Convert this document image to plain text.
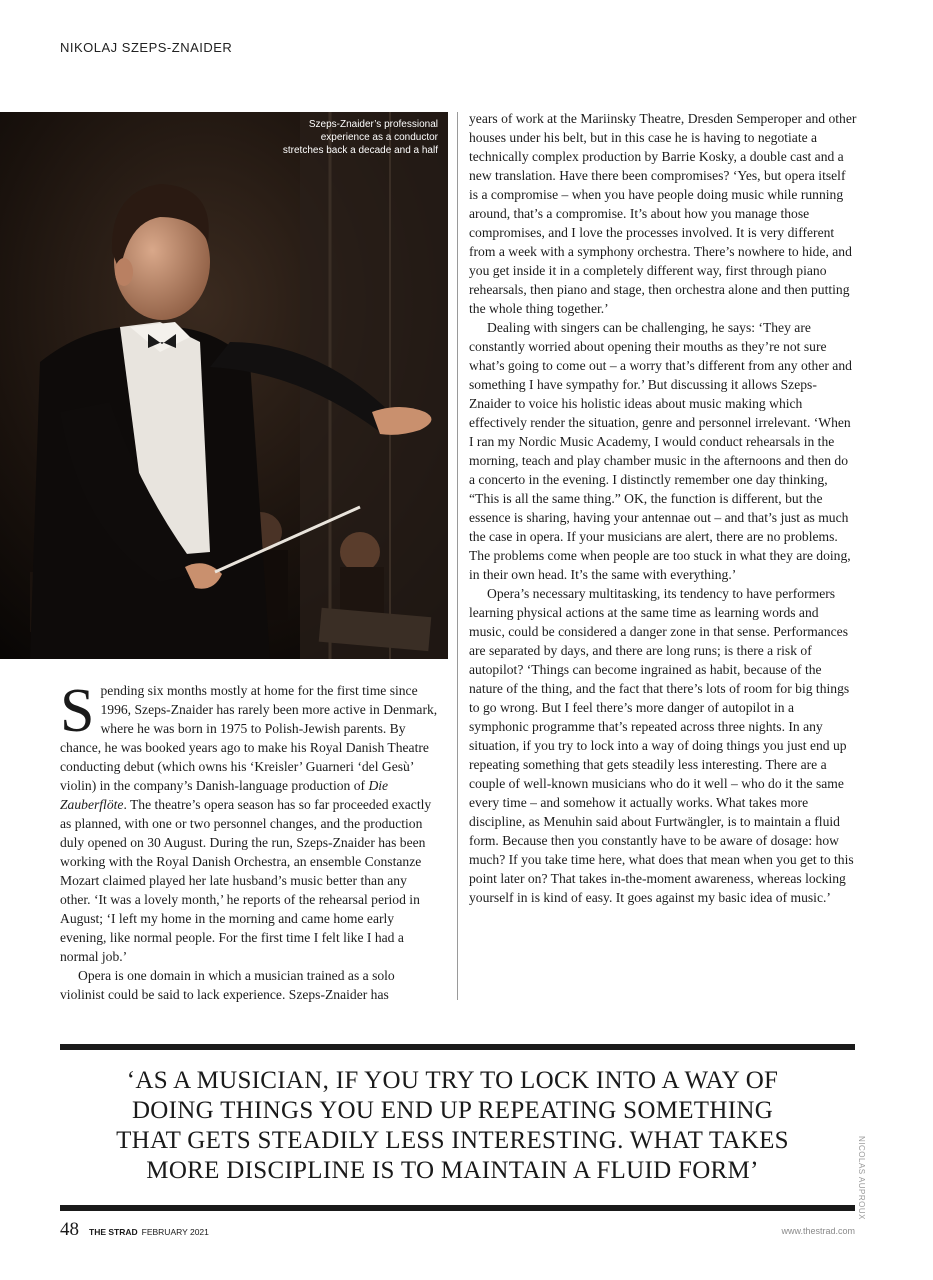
NIKOLAJ SZEPS-ZNAIDER
Szeps-Znaider’s professional
experience as a conductor
stretches back a decade and a half

Spending six months mostly at home for the first time since 1996, Szeps-Znaider has rarely been more active in Denmark, where he was born in 1975 to Polish-Jewish parents. By chance, he was booked years ago to make his Royal Danish Theatre conducting debut (which owns his ‘Kreisler’ Guarneri ‘del Gesù’ violin) in the company’s Danish-language production of Die Zauberflöte. The theatre’s opera season has so far proceeded exactly as planned, with one or two personnel changes, and the production duly opened on 30 August. During the run, Szeps-Znaider has been working with the Royal Danish Orchestra, an ensemble Constanze Mozart claimed played her late husband’s music better than any other. ‘It was a lovely month,’ he reports of the rehearsal period in August; ‘I left my home in the morning and came home early evening, like normal people. For the first time I felt like I had a normal job.’

Opera is one domain in which a musician trained as a solo violinist could be said to lack experience. Szeps-Znaider has

years of work at the Mariinsky Theatre, Dresden Semperoper and other houses under his belt, but in this case he is having to negotiate a technically complex production by Barrie Kosky, a double cast and a new translation. Have there been compromises? ‘Yes, but opera itself is a compromise – when you have people doing music while running around, that’s a compromise. It’s about how you manage those compromises, and I love the processes involved. It is very different from a week with a symphony orchestra. There’s nowhere to hide, and you get inside it in a completely different way, first through piano rehearsals, then piano and stage, then orchestra alone and then putting the whole thing together.’

Dealing with singers can be challenging, he says: ‘They are constantly worried about opening their mouths as they’re not sure what’s going to come out – a worry that’s different from any other and something I have sympathy for.’ But discussing it allows Szeps-Znaider to voice his holistic ideas about music making which effectively render the situation, genre and personnel irrelevant. ‘When I ran my Nordic Music Academy, I would conduct rehearsals in the morning, teach and play chamber music in the afternoons and then do a concerto in the evening. I distinctly remember one day thinking, “This is all the same thing.” OK, the function is different, but the essence is sharing, having your antennae out – and that’s just as much the case in opera. If your musicians are alert, there are no problems. The problems come when people are too stuck in what they are doing, in their own head. It’s the same with everything.’

Opera’s necessary multitasking, its tendency to have performers learning physical actions at the same time as learning words and music, could be considered a danger zone in that sense. Performances are separated by days, and there are long runs; is there a risk of autopilot? ‘Things can become ingrained as habit, because of the nature of the thing, and the fact that there’s lots of room for big things to go wrong. But I feel there’s more danger of autopilot in a symphonic programme that’s repeated across three nights. In any situation, if you try to lock into a way of doing things you just end up repeating something that gets steadily less interesting. There are a couple of well-known musicians who do it well – who do it the same every time – and somehow it actually works. What takes more discipline, as Menuhin said about Furtwängler, is to maintain a fluid form. Because then you constantly have to be aware of dosage: how much? If you take time here, what does that mean when you get to this point later on? That takes in-the-moment awareness, whereas locking yourself in is kind of easy. It goes against my basic idea of music.’

‘AS A MUSICIAN, IF YOU TRY TO LOCK INTO A WAY OF
DOING THINGS YOU END UP REPEATING SOMETHING
THAT GETS STEADILY LESS INTERESTING. WHAT TAKES
MORE DISCIPLINE IS TO MAINTAIN A FLUID FORM’	NICOLAS AUPROUX
48 THE STRAD FEBRUARY 2021	www.thestrad.com
